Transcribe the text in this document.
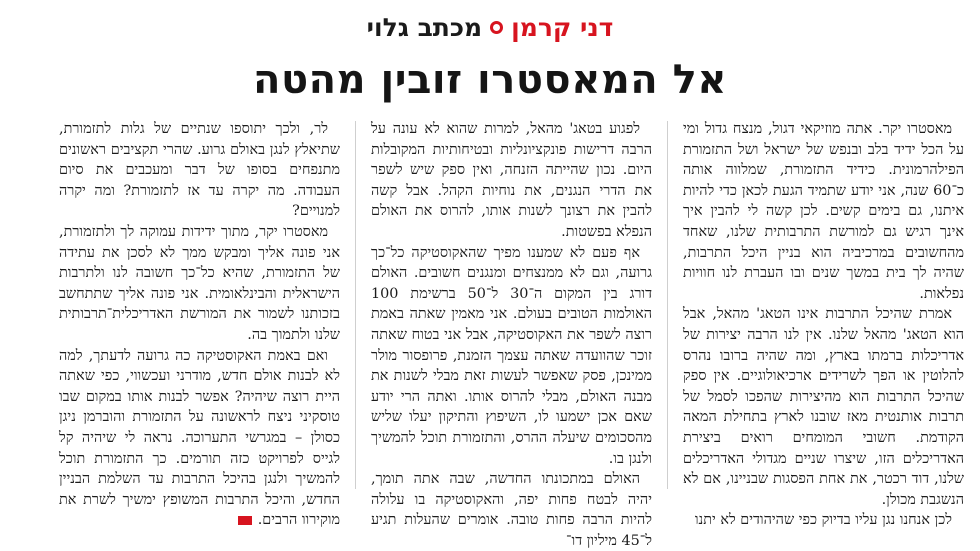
דני קרמן
מכתב גלוי
אל המאסטרו זובין מהטה

מאסטרו יקר. אתה מוזיקאי דגול, מנצח גדול ומי על הכל ידיד בלב ובנפש של ישראל ושל התזמורת הפילהרמונית. כידיד התזמורת, שמלווה אותה כ־60 שנה, אני יודע שתמיד הגעת לכאן כדי להיות איתנו, גם בימים קשים. לכן קשה לי להבין איך אינך רגיש גם למורשת התרבותית שלנו, שאחד מהחשובים במרכיביה הוא בניין היכל התרבות, שהיה לך בית במשך שנים ובו העברת לנו חוויות נפלאות.

אמרת שהיכל התרבות אינו הטאג' מהאל, אבל הוא הטאג' מהאל שלנו. אין לנו הרבה יצירות של אדריכלות ברמתו בארץ, ומה שהיה ברובו נהרס להלוטין או הפך לשרידים ארכיאולוגיים. אין ספק שהיכל התרבות הוא מהיצירות שהפכו לסמל של תרבות אותנטית מאז שובנו לארץ בתחילת המאה הקודמת. חשובי המומחים רואים ביצירת האדריכלים הזו, שיצרו שניים מגדולי האדריכלים שלנו, דוד רכטר, את אחת הפסגות שבניינו, אם לא הנשגבת מכולן.

לכן אנחנו נגן עליו בדיוק כפי שהיהודים לא יתנו

לפגוע בטאג' מהאל, למרות שהוא לא עונה על הרבה דרישות פונקציונליות ובטיחותיות המקובלות היום. נכון שהייתה הזנחה, ואין ספק שיש לשפר את הדרי הנגנים, את נוחיות הקהל. אבל קשה להבין את רצונך לשנות אותו, להרוס את האולם הנפלא בפשטות.

אף פעם לא שמענו מפיך שהאקוסטיקה כל־כך גרועה, וגם לא ממנצחים ומנגנים חשובים. האולם דורג בין המקום ה־30 ל־50 ברשימת 100 האולמות הטובים בעולם. אני מאמין שאתה באמת רוצה לשפר את האקוסטיקה, אבל אני בטוח שאתה זוכר שהוועדה שאתה עצמך הזמנת, פרופסור מולר ממינכן, פסק שאפשר לעשות זאת מבלי לשנות את מבנה האולם, מבלי להרוס אותו. ואתה הרי יודע שאם אכן ישמעו לו, השיפוץ והתיקון יעלו שליש מהסכומים שיעלה ההרס, והתזמורת תוכל להמשיך ולנגן בו.

האולם במתכונתו החדשה, שבה אתה תומך, יהיה לבטח פחות יפה, והאקוסטיקה בו עלולה להיות הרבה פחות טובה. אומרים שהעלות תגיע ל־45 מיליון דו־

לר, ולכך יתוספו שנתיים של גלות לתזמורת, שתיאלץ לנגן באולם גרוע. שהרי תקציבים ראשונים מתנפחים בסופו של דבר ומעכבים את סיום העבודה. מה יקרה עד אז לתזמורת? ומה יקרה למנויים?

מאסטרו יקר, מתוך ידידות עמוקה לך ולתזמורת, אני פונה אליך ומבקש ממך לא לסכן את עתידה של התזמורת, שהיא כל־כך חשובה לנו ולתרבות הישראלית והבינלאומית. אני פונה אליך שתתחשב בזכותנו לשמור את המורשת האדריכלית־תרבותית שלנו ולתמוך בה.

ואם באמת האקוסטיקה כה גרועה לדעתך, למה לא לבנות אולם חדש, מודרני ועכשווי, כפי שאתה היית רוצה שיהיה? אפשר לבנות אותו במקום שבו טוסקיני ניצח לראשונה על התזמורת והוברמן ניגן כסולן – במגרשי התערוכה. נראה לי שיהיה קל לגייס לפרויקט כזה תורמים. כך התזמורת תוכל להמשיך ולנגן בהיכל התרבות עד השלמת הבניין החדש, והיכל התרבות המשופץ ימשיך לשרת את מוקירוו הרבים.
